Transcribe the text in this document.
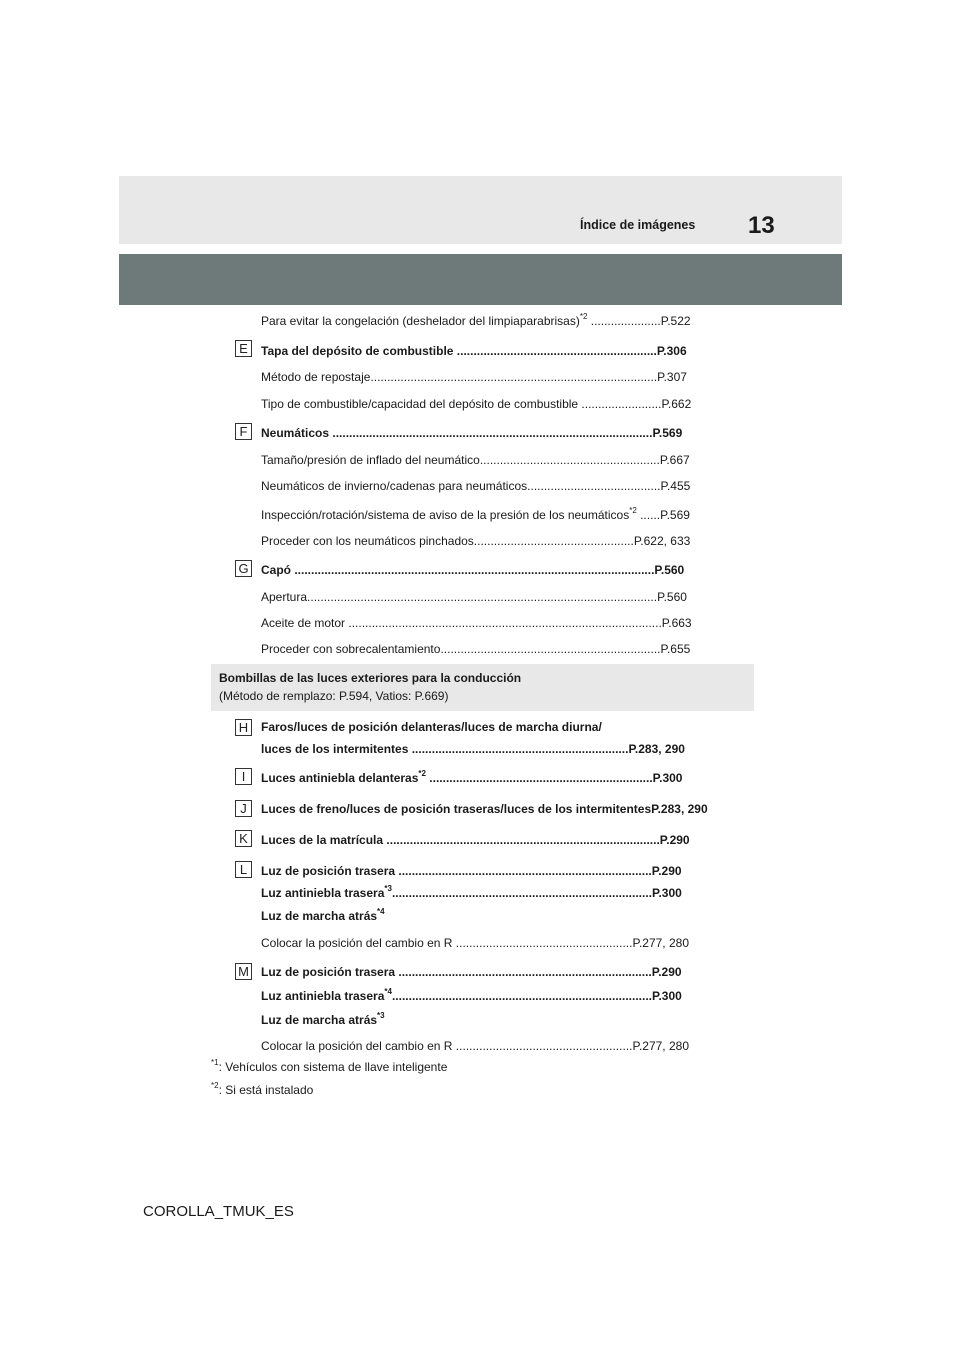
Índice de imágenes 13
Para evitar la congelación (deshelador del limpiaparabrisas)$^{*2}$ .....................P.522
Tapa del depósito de combustible ............................................................P.306
Método de repostaje......................................................................................P.307
Tipo de combustible/capacidad del depósito de combustible ........................P.662
Neumáticos ................................................................................................P.569
Tamaño/presión de inflado del neumático......................................................P.667
Neumáticos de invierno/cadenas para neumáticos........................................P.455
Inspección/rotación/sistema de aviso de la presión de los neumáticos$^{*2}$ ......P.569
Proceder con los neumáticos pinchados................................................P.622, 633
Capó ............................................................................................................P.560
Apertura.........................................................................................................P.560
Aceite de motor ..............................................................................................P.663
Proceder con sobrecalentamiento..................................................................P.655
Bombillas de las luces exteriores para la conducción
(Método de remplazo: P.594, Vatios: P.669)
Faros/luces de posición delanteras/luces de marcha diurna/
luces de los intermitentes .................................................................P.283, 290
Luces antiniebla delanteras$^{*2}$ ...................................................................P.300
Luces de freno/luces de posición traseras/luces de los intermitentesP.283, 290
Luces de la matrícula ..................................................................................P.290
Luz de posición trasera ............................................................................P.290
Luz antiniebla trasera$^{*3}$..............................................................................P.300
Luz de marcha atrás$^{*4}$
Colocar la posición del cambio en R .....................................................P.277, 280
Luz de posición trasera ............................................................................P.290
Luz antiniebla trasera$^{*4}$..............................................................................P.300
Luz de marcha atrás$^{*3}$
Colocar la posición del cambio en R .....................................................P.277, 280
E
F
G
H
I
J
K
L
M
$^{*1}$: Vehículos con sistema de llave inteligente
$^{*2}$: Si está instalado
COROLLA_TMUK_ES
